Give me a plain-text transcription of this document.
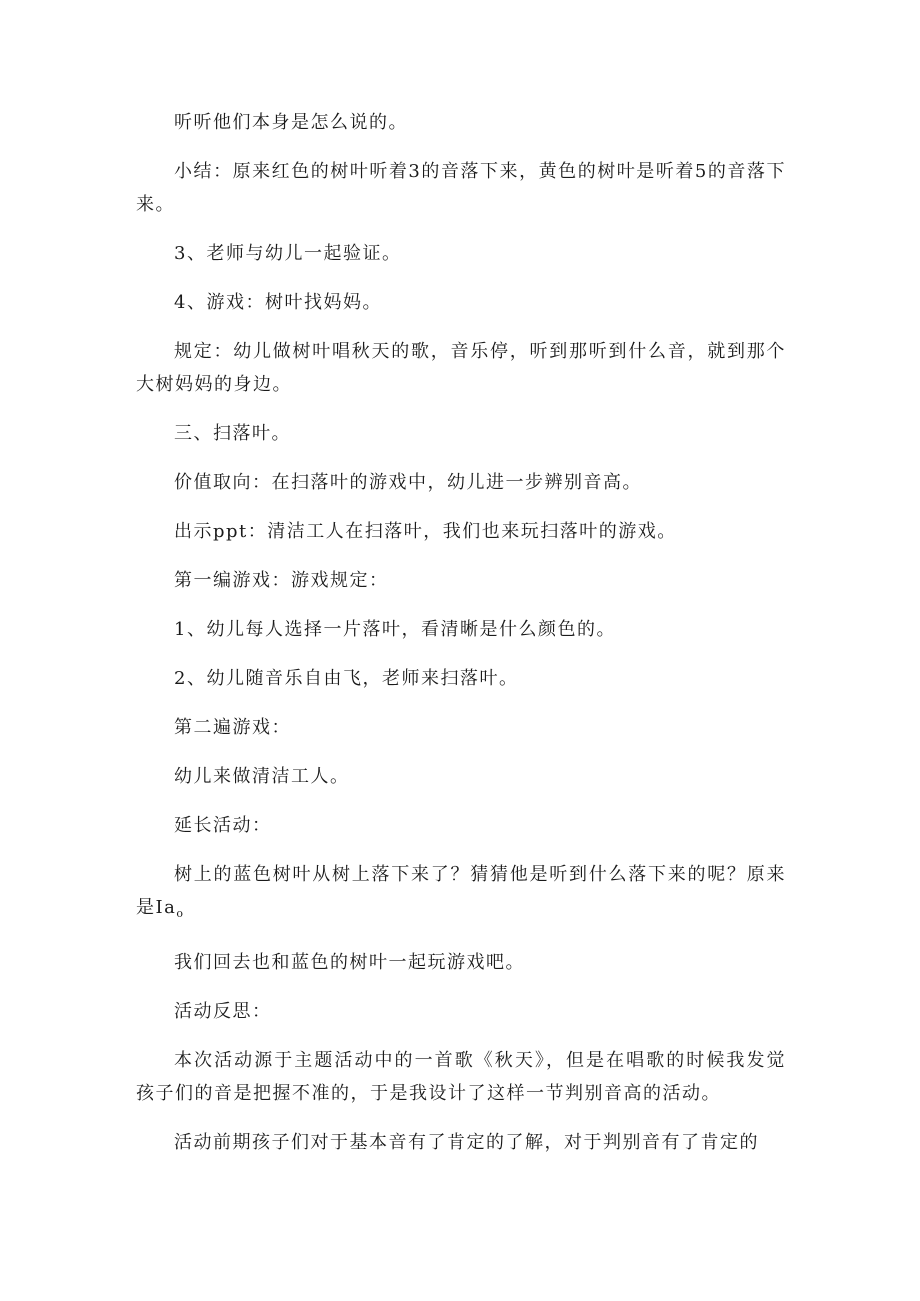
听听他们本身是怎么说的。

小结：原来红色的树叶听着3的音落下来，黄色的树叶是听着5的音落下来。

3、老师与幼儿一起验证。

4、游戏：树叶找妈妈。

规定：幼儿做树叶唱秋天的歌，音乐停，听到那听到什么音，就到那个大树妈妈的身边。

三、扫落叶。

价值取向：在扫落叶的游戏中，幼儿进一步辨别音高。

出示ppt：清洁工人在扫落叶，我们也来玩扫落叶的游戏。

第一编游戏：游戏规定：

1、幼儿每人选择一片落叶，看清晰是什么颜色的。

2、幼儿随音乐自由飞，老师来扫落叶。

第二遍游戏：

幼儿来做清洁工人。

延长活动：

树上的蓝色树叶从树上落下来了？猜猜他是听到什么落下来的呢？原来是$Ia_o$

我们回去也和蓝色的树叶一起玩游戏吧。

活动反思：

本次活动源于主题活动中的一首歌《秋天》，但是在唱歌的时候我发觉孩子们的音是把握不准的，于是我设计了这样一节判别音高的活动。

活动前期孩子们对于基本音有了肯定的了解，对于判别音有了肯定的
